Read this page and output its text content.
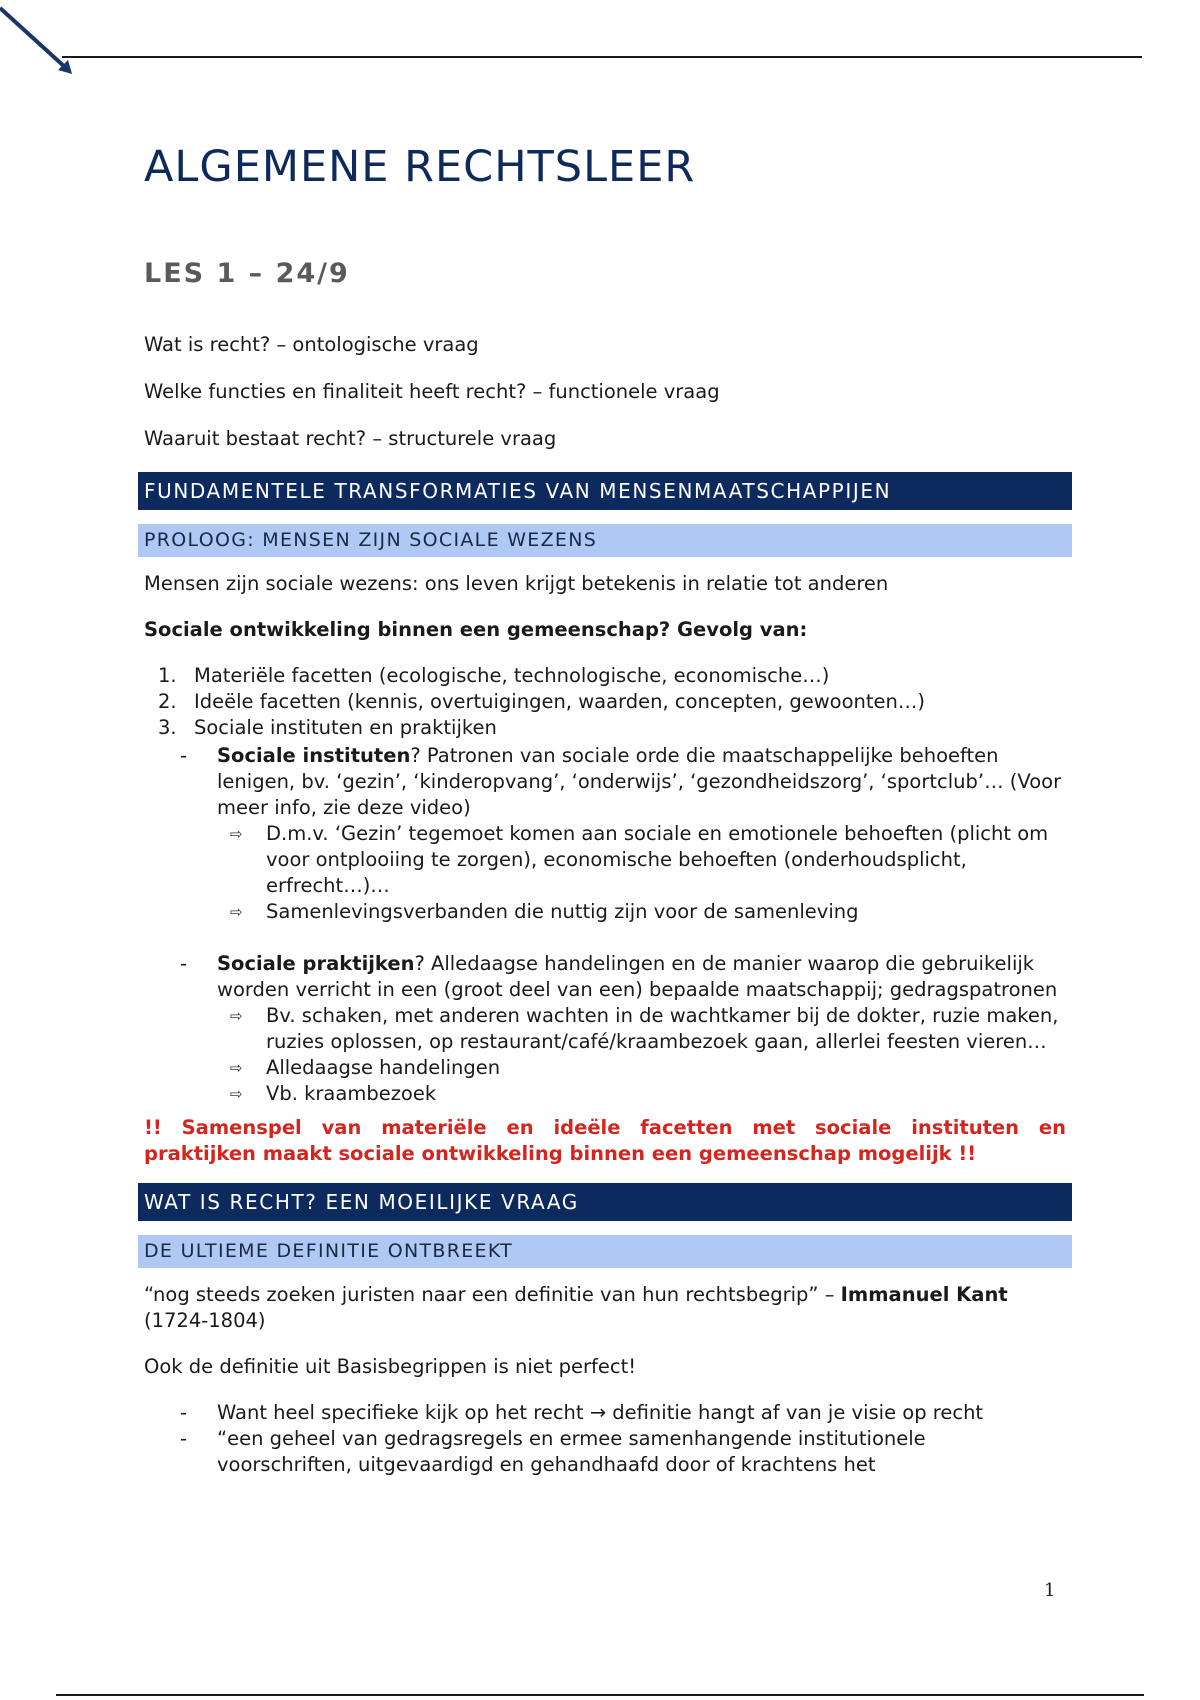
ALGEMENE RECHTSLEER
LES 1 – 24/9

Wat is recht? – ontologische vraag

Welke functies en finaliteit heeft recht? – functionele vraag

Waaruit bestaat recht? – structurele vraag

FUNDAMENTELE TRANSFORMATIES VAN MENSENMAATSCHAPPIJEN
PROLOOG: MENSEN ZIJN SOCIALE WEZENS

Mensen zijn sociale wezens: ons leven krijgt betekenis in relatie tot anderen

Sociale ontwikkeling binnen een gemeenschap? Gevolg van:

1. Materiële facetten (ecologische, technologische, economische…)
2. Ideële facetten (kennis, overtuigingen, waarden, concepten, gewoonten…)
3. Sociale instituten en praktijken
- Sociale instituten? Patronen van sociale orde die maatschappelijke behoeften lenigen, bv. ‘gezin’, ‘kinderopvang’, ‘onderwijs’, ‘gezondheidszorg’, ‘sportclub’… (Voor meer info, zie deze video)
⇨ D.m.v. ‘Gezin’ tegemoet komen aan sociale en emotionele behoeften (plicht om voor ontplooiing te zorgen), economische behoeften (onderhoudsplicht, erfrecht…)…
⇨ Samenlevingsverbanden die nuttig zijn voor de samenleving
- Sociale praktijken? Alledaagse handelingen en de manier waarop die gebruikelijk worden verricht in een (groot deel van een) bepaalde maatschappij; gedragspatronen
⇨ Bv. schaken, met anderen wachten in de wachtkamer bij de dokter, ruzie maken, ruzies oplossen, op restaurant/café/kraambezoek gaan, allerlei feesten vieren…
⇨ Alledaagse handelingen
⇨ Vb. kraambezoek
!! Samenspel van materiële en ideële facetten met sociale instituten en
praktijken maakt sociale ontwikkeling binnen een gemeenschap mogelijk !!
WAT IS RECHT? EEN MOEILIJKE VRAAG
DE ULTIEME DEFINITIE ONTBREEKT

“nog steeds zoeken juristen naar een definitie van hun rechtsbegrip” – Immanuel Kant
(1724-1804)

Ook de definitie uit Basisbegrippen is niet perfect!

- Want heel specifieke kijk op het recht → definitie hangt af van je visie op recht
- “een geheel van gedragsregels en ermee samenhangende institutionele voorschriften, uitgevaardigd en gehandhaafd door of krachtens het
1
